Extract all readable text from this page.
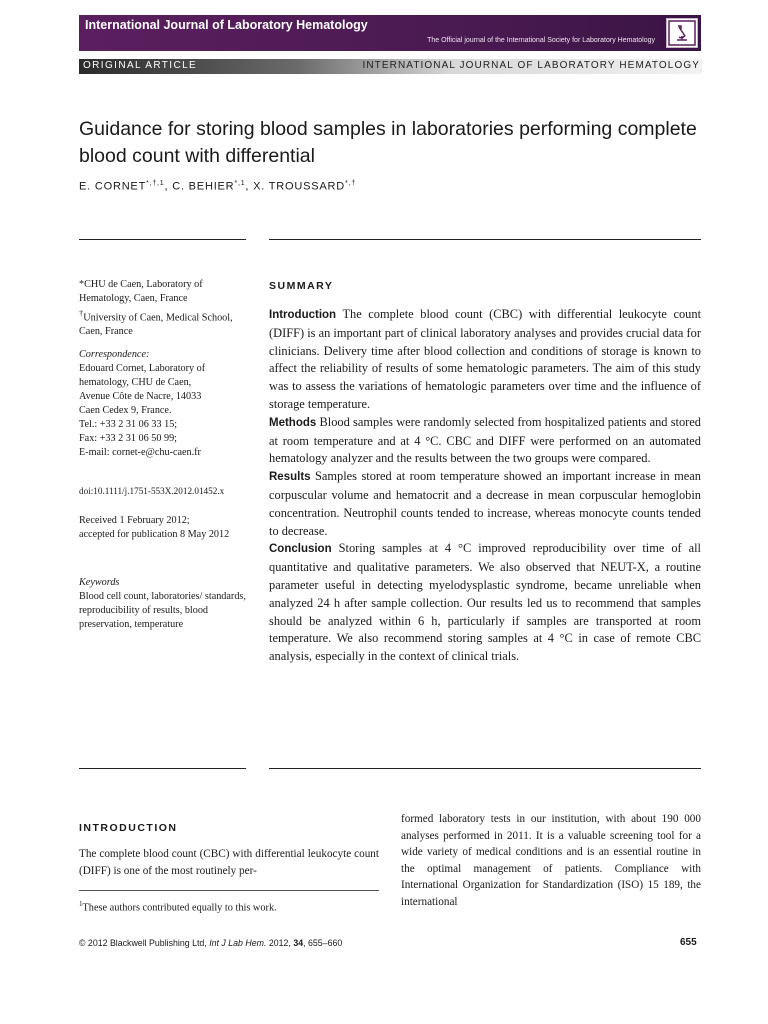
International Journal of Laboratory Hematology
The Official journal of the International Society for Laboratory Hematology
ORIGINAL ARTICLE	INTERNATIONAL JOURNAL OF LABORATORY HEMATOLOGY
Guidance for storing blood samples in laboratories performing complete blood count with differential
E. $CORNET^{*,\dagger,1}$, C. $BEHIER^{*,1}$, X. TROUSSARD*,†

*CHU de Caen, Laboratory of Hematology, Caen, France

†University of Caen, Medical School, Caen, France

Correspondence:

Edouard Cornet, Laboratory of

hematology, CHU de Caen,

Avenue Côte de Nacre, 14033

Caen Cedex 9, France.

Tel.: +33 2 31 06 33 15;

Fax: +33 2 31 06 50 99;

E-mail: cornet-e@chu-caen.fr

doi:10.1111/j.1751-553X.2012.01452.x

Received 1 February 2012;

accepted for publication 8 May 2012

Keywords

Blood cell count, laboratories/ standards, reproducibility of results, blood preservation, temperature

SUMMARY

Introduction The complete blood count (CBC) with differential leukocyte count (DIFF) is an important part of clinical laboratory analyses and provides crucial data for clinicians. Delivery time after blood collection and conditions of storage is known to affect the reliability of results of some hematologic parameters. The aim of this study was to assess the variations of hematologic parameters over time and the influence of storage temperature.

Methods Blood samples were randomly selected from hospitalized patients and stored at room temperature and at 4 °C. CBC and DIFF were performed on an automated hematology analyzer and the results between the two groups were compared.

Results Samples stored at room temperature showed an important increase in mean corpuscular volume and hematocrit and a decrease in mean corpuscular hemoglobin concentration. Neutrophil counts tended to increase, whereas monocyte counts tended to decrease.

Conclusion Storing samples at 4 °C improved reproducibility over time of all quantitative and qualitative parameters. We also observed that NEUT-X, a routine parameter useful in detecting myelodysplastic syndrome, became unreliable when analyzed 24 h after sample collection. Our results led us to recommend that samples should be analyzed within 6 h, particularly if samples are transported at room temperature. We also recommend storing samples at 4 °C in case of remote CBC analysis, especially in the context of clinical trials.

INTRODUCTION
The complete blood count (CBC) with differential leukocyte count (DIFF) is one of the most routinely per-
formed laboratory tests in our institution, with about 190 000 analyses performed in 2011. It is a valuable screening tool for a wide variety of medical conditions and is an essential routine in the optimal management of patients. Compliance with International Organization for Standardization (ISO) 15 189, the international
$^1$These authors contributed equally to this work.
© 2012 Blackwell Publishing Ltd, Int J Lab Hem. 2012, 34, 655–660	655
